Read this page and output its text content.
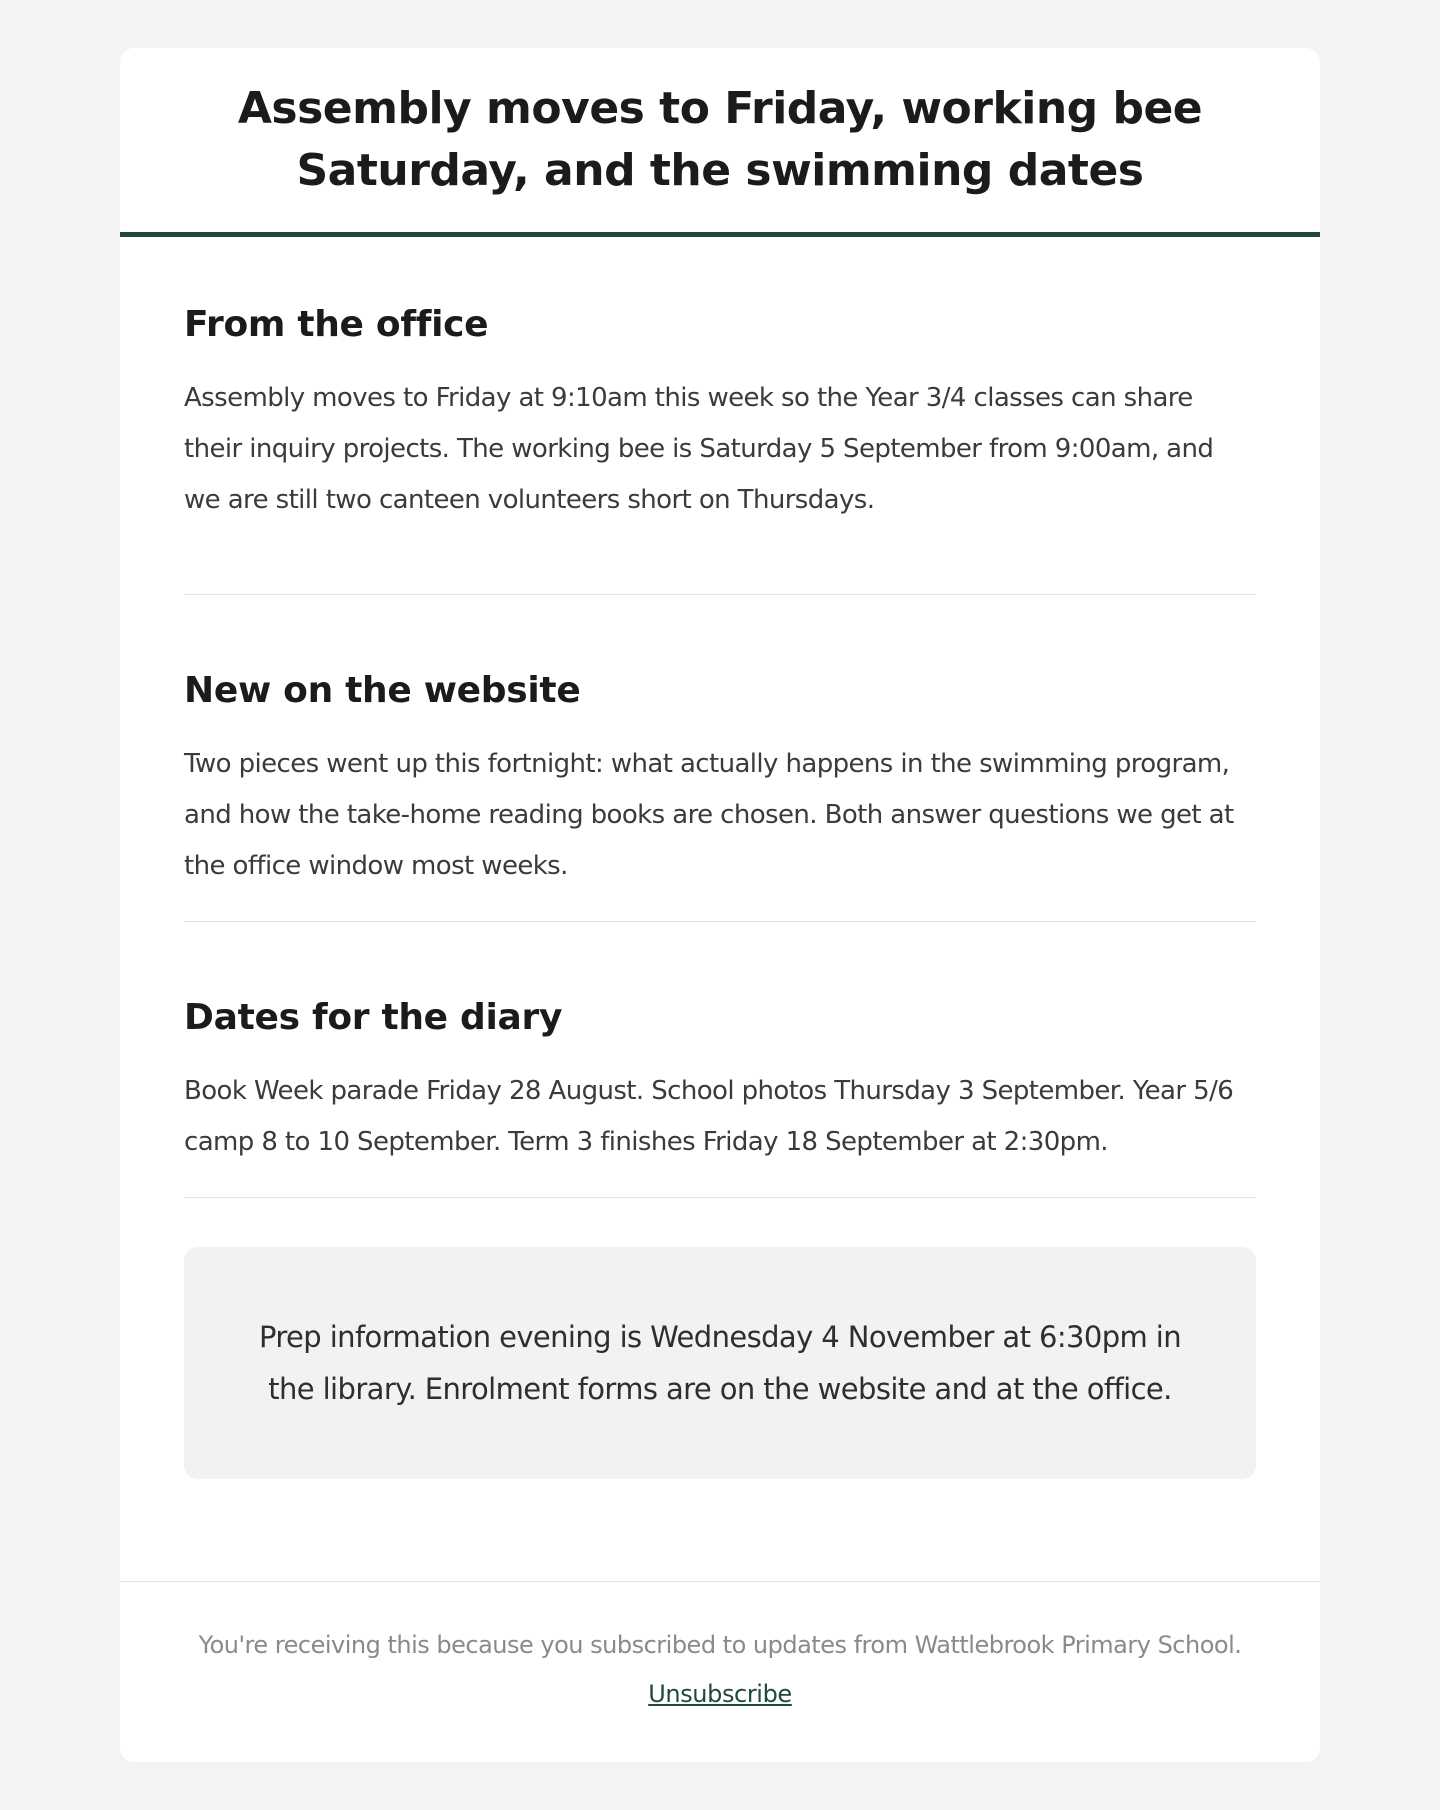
Assembly moves to Friday, working bee Saturday, and the swimming dates
From the office

Assembly moves to Friday at 9:10am this week so the Year 3/4 classes can share their inquiry projects. The working bee is Saturday 5 September from 9:00am, and we are still two canteen volunteers short on Thursdays.

New on the website

Two pieces went up this fortnight: what actually happens in the swimming program, and how the take-home reading books are chosen. Both answer questions we get at the office window most weeks.

Dates for the diary

Book Week parade Friday 28 August. School photos Thursday 3 September. Year 5/6 camp 8 to 10 September. Term 3 finishes Friday 18 September at 2:30pm.

Prep information evening is Wednesday 4 November at 6:30pm in the library. Enrolment forms are on the website and at the office.

You're receiving this because you subscribed to updates from Wattlebrook Primary School.

Unsubscribe
